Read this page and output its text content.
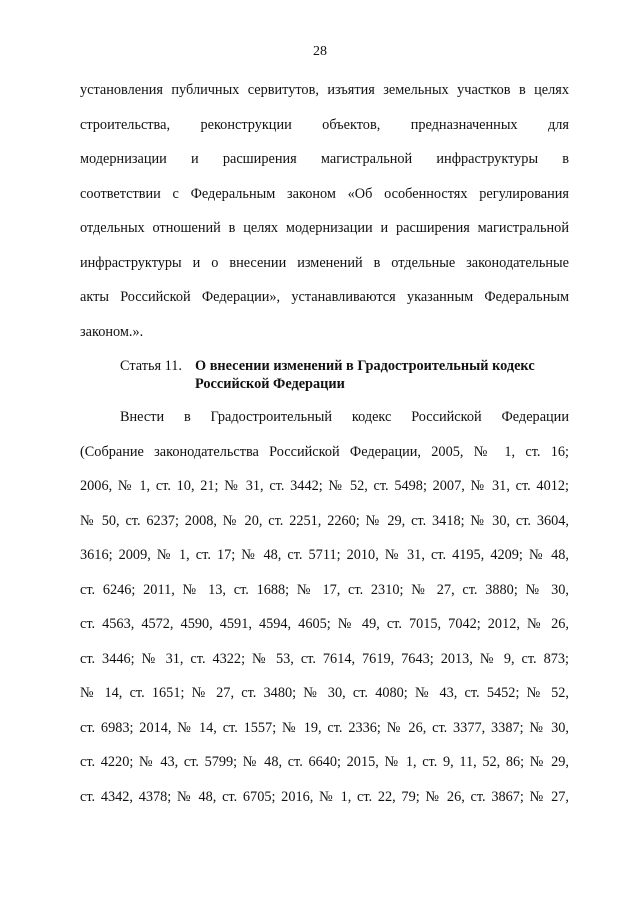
28
установления публичных сервитутов, изъятия земельных участков в целях
строительства, реконструкции объектов, предназначенных для
модернизации и расширения магистральной инфраструктуры в
соответствии с Федеральным законом «Об особенностях регулирования
отдельных отношений в целях модернизации и расширения магистральной
инфраструктуры и о внесении изменений в отдельные законодательные
акты Российской Федерации», устанавливаются указанным Федеральным
законом.».
Статья 11. О внесении изменений в Градостроительный кодекс
Российской Федерации
Внести в Градостроительный кодекс Российской Федерации
(Собрание законодательства Российской Федерации, 2005, № 1, ст. 16;
2006, № 1, ст. 10, 21; № 31, ст. 3442; № 52, ст. 5498; 2007, № 31, ст. 4012;
№ 50, ст. 6237; 2008, № 20, ст. 2251, 2260; № 29, ст. 3418; № 30, ст. 3604,
3616; 2009, № 1, ст. 17; № 48, ст. 5711; 2010, № 31, ст. 4195, 4209; № 48,
ст. 6246; 2011, № 13, ст. 1688; № 17, ст. 2310; № 27, ст. 3880; № 30,
ст. 4563, 4572, 4590, 4591, 4594, 4605; № 49, ст. 7015, 7042; 2012, № 26,
ст. 3446; № 31, ст. 4322; № 53, ст. 7614, 7619, 7643; 2013, № 9, ст. 873;
№ 14, ст. 1651; № 27, ст. 3480; № 30, ст. 4080; № 43, ст. 5452; № 52,
ст. 6983; 2014, № 14, ст. 1557; № 19, ст. 2336; № 26, ст. 3377, 3387; № 30,
ст. 4220; № 43, ст. 5799; № 48, ст. 6640; 2015, № 1, ст. 9, 11, 52, 86; № 29,
ст. 4342, 4378; № 48, ст. 6705; 2016, № 1, ст. 22, 79; № 26, ст. 3867; № 27,
